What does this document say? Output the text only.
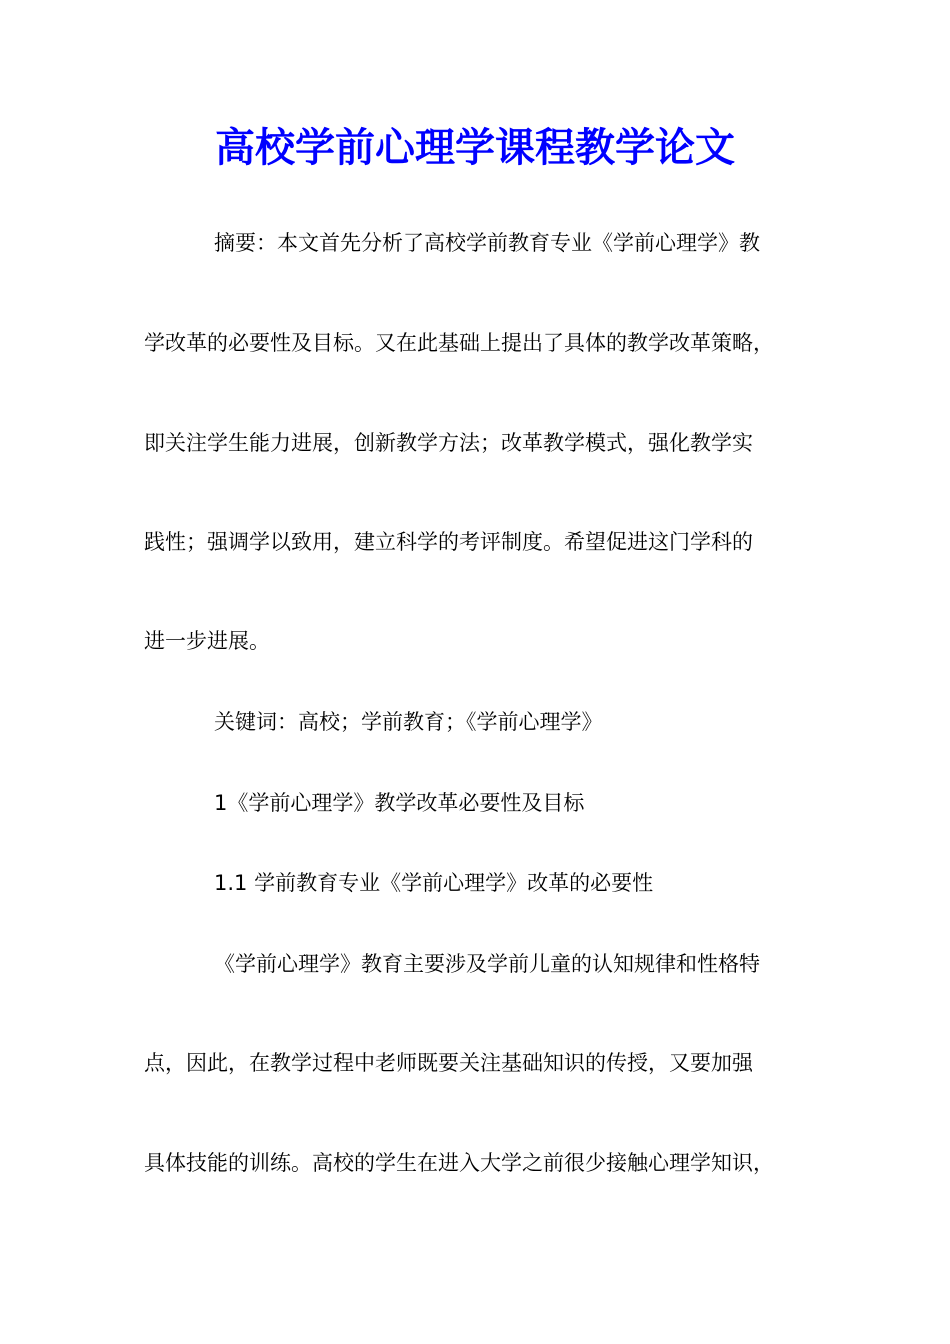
高校学前心理学课程教学论文
摘要：本文首先分析了高校学前教育专业《学前心理学》教
学改革的必要性及目标。又在此基础上提出了具体的教学改革策略，
即关注学生能力进展，创新教学方法；改革教学模式，强化教学实
践性；强调学以致用，建立科学的考评制度。希望促进这门学科的
进一步进展。
关键词：高校；学前教育；《学前心理学》
1《学前心理学》教学改革必要性及目标
1.1 学前教育专业《学前心理学》改革的必要性
《学前心理学》教育主要涉及学前儿童的认知规律和性格特
点，因此，在教学过程中老师既要关注基础知识的传授，又要加强
具体技能的训练。高校的学生在进入大学之前很少接触心理学知识，
